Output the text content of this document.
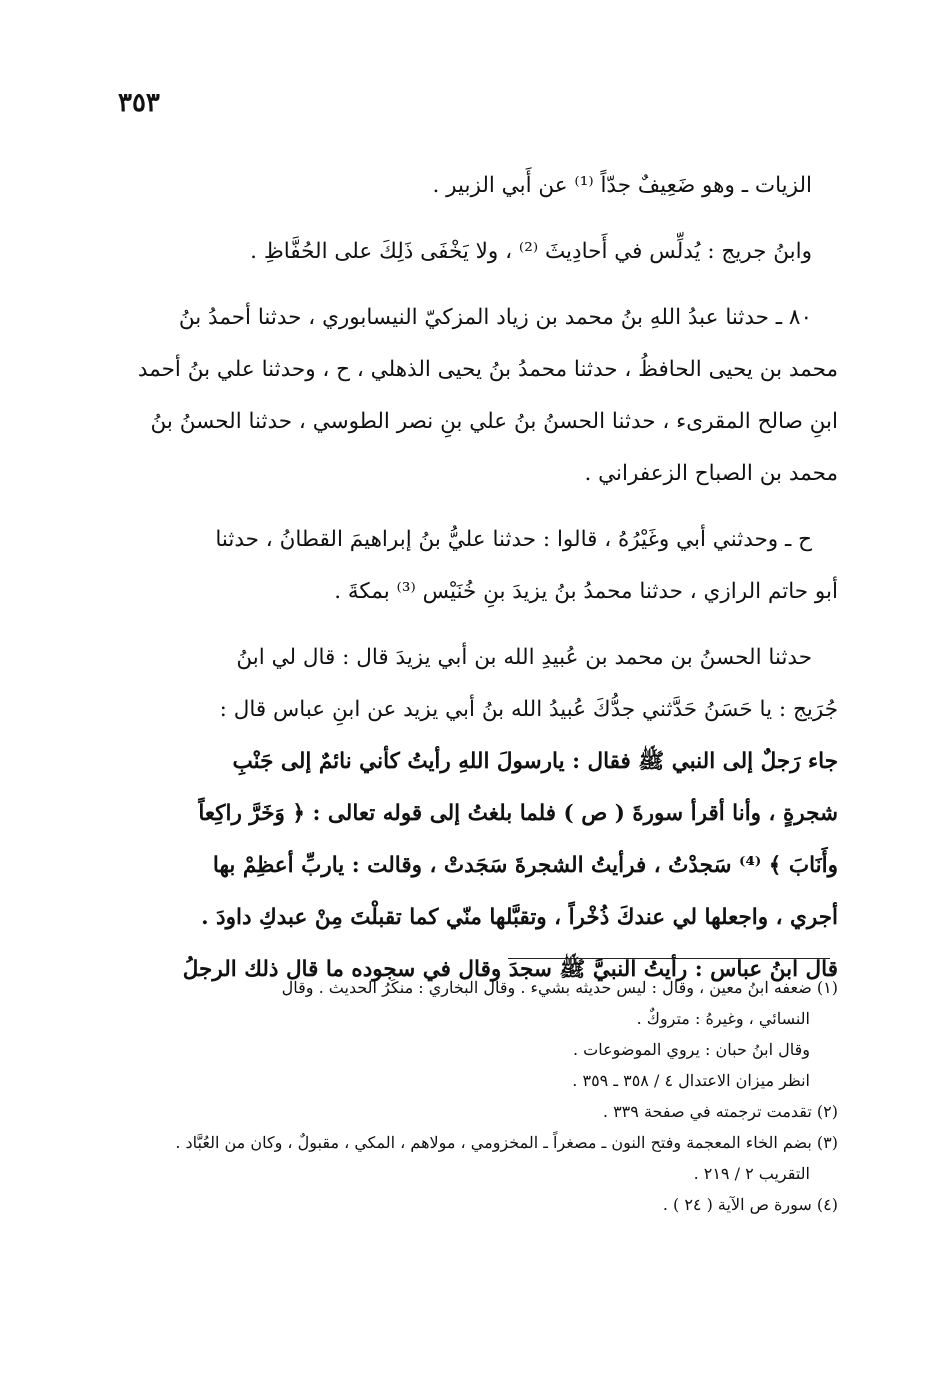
٣٥٣
الزيات ـ وهو ضَعِيفٌ جدّاً ⁽¹⁾ عن أَبي الزبير .
وابنُ جريج : يُدلِّس في أَحادِيثَ ⁽²⁾ ، ولا يَخْفَى ذَلِكَ على الحُفَّاظِ .
٨٠ ـ حدثنا عبدُ اللهِ بنُ محمد بن زياد المزكيّ النيسابوري ، حدثنا أحمدُ بنُ
محمد بن يحيى الحافظُ ، حدثنا محمدُ بنُ يحيى الذهلي ، ح ، وحدثنا علي بنُ أحمد
ابنِ صالح المقرىء ، حدثنا الحسنُ بنُ علي بنِ نصر الطوسي ، حدثنا الحسنُ بنُ
محمد بن الصباح الزعفراني .
ح ـ وحدثني أبي وغَيْرُهُ ، قالوا : حدثنا عليُّ بنُ إبراهيمَ القطانُ ، حدثنا
أبو حاتم الرازي ، حدثنا محمدُ بنُ يزيدَ بنِ خُنَيْس ⁽³⁾ بمكةَ .
حدثنا الحسنُ بن محمد بن عُبيدِ الله بن أبي يزيدَ قال : قال لي ابنُ
جُرَيج : يا حَسَنُ حَدَّثني جدُّكَ عُبيدُ الله بنُ أبي يزيد عن ابنِ عباس قال :
جاء رَجلٌ إلى النبي ﷺ فقال : يارسولَ اللهِ رأيتُ كأني نائمٌ إلى جَنْبِ
شجرةٍ ، وأنا أقرأ سورةَ ( ص ) فلما بلغتُ إلى قوله تعالى : ﴿ وَخَرَّ راكِعاً
وأَنَابَ ﴾ ⁽⁴⁾ سَجدْتُ ، فرأيتُ الشجرةَ سَجَدتْ ، وقالت : ياربِّ أعظِمْ بها
أجري ، واجعلها لي عندكَ ذُخْراً ، وتقبَّلها منّي كما تقبلْتَ مِنْ عبدكِ داودَ .
قال ابنُ عباس : رأيتُ النبيَّ ﷺ سجدَ وقال في سجوده ما قال ذلك الرجلُ
(١) ضعفه ابنُ معين ، وقال : ليس حديثه بشيء . وقال البخاري : منكَرُ الحديث . وقال
النسائي ، وغيرهُ : متروكٌ .
وقال ابنُ حبان : يروي الموضوعات .
انظر ميزان الاعتدال ٤ / ٣٥٨ ـ ٣٥٩ .
(٢) تقدمت ترجمته في صفحة ٣٣٩ .
(٣) بضم الخاء المعجمة وفتح النون ـ مصغراً ـ المخزومي ، مولاهم ، المكي ، مقبولٌ ، وكان من العُبَّاد .
التقريب ٢ / ٢١٩ .
(٤) سورة ص الآية ( ٢٤ ) .
